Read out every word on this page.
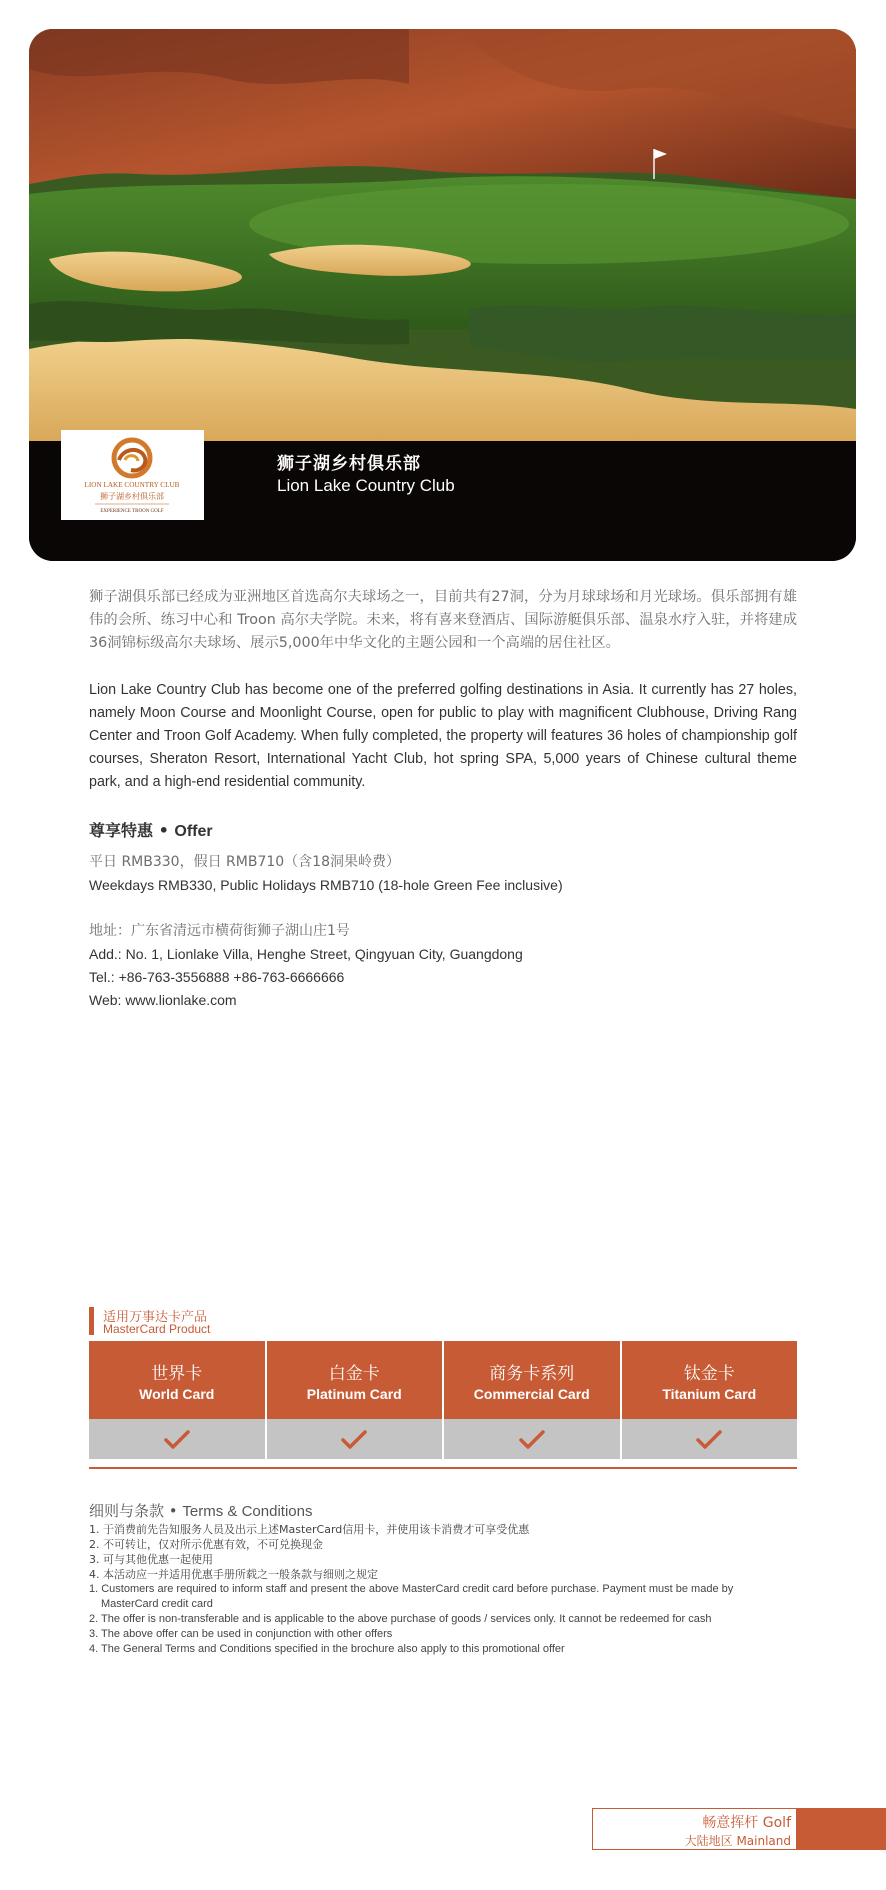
LION LAKE COUNTRY CLUB
狮子湖乡村俱乐部
EXPERIENCE TROON GOLF
狮子湖乡村俱乐部
Lion Lake Country Club

狮子湖俱乐部已经成为亚洲地区首选高尔夫球场之一，目前共有27洞，分为月球球场和月光球场。俱乐部拥有雄伟的会所、练习中心和 Troon 高尔夫学院。未来，将有喜来登酒店、国际游艇俱乐部、温泉水疗入驻，并将建成36洞锦标级高尔夫球场、展示5,000年中华文化的主题公园和一个高端的居住社区。

Lion Lake Country Club has become one of the preferred golfing destinations in Asia. It currently has 27 holes, namely Moon Course and Moonlight Course, open for public to play with magnificent Clubhouse, Driving Rang Center and Troon Golf Academy. When fully completed, the property will features 36 holes of championship golf courses, Sheraton Resort, International Yacht Club, hot spring SPA, 5,000 years of Chinese cultural theme park, and a high-end residential community.

尊享特惠 • Offer
平日 RMB330，假日 RMB710（含18洞果岭费）
Weekdays RMB330, Public Holidays RMB710 (18-hole Green Fee inclusive)
地址：广东省清远市横荷街狮子湖山庄1号
Add.: No. 1, Lionlake Villa, Henghe Street, Qingyuan City, Guangdong
Tel.: +86-763-3556888 +86-763-6666666
Web: www.lionlake.com
适用万事达卡产品
MasterCard Product
世界卡
World Card
白金卡
Platinum Card
商务卡系列
Commercial Card
钛金卡
Titanium Card
细则与条款 • Terms & Conditions
1. 于消费前先告知服务人员及出示上述MasterCard信用卡，并使用该卡消费才可享受优惠
2. 不可转让，仅对所示优惠有效，不可兑换现金
3. 可与其他优惠一起使用
4. 本活动应一并适用优惠手册所载之一般条款与细则之规定
1. Customers are required to inform staff and present the above MasterCard credit card before purchase. Payment must be made by MasterCard credit card
2. The offer is non-transferable and is applicable to the above purchase of goods / services only. It cannot be redeemed for cash
3. The above offer can be used in conjunction with other offers
4. The General Terms and Conditions specified in the brochure also apply to this promotional offer
畅意挥杆 Golf
大陆地区 Mainland
